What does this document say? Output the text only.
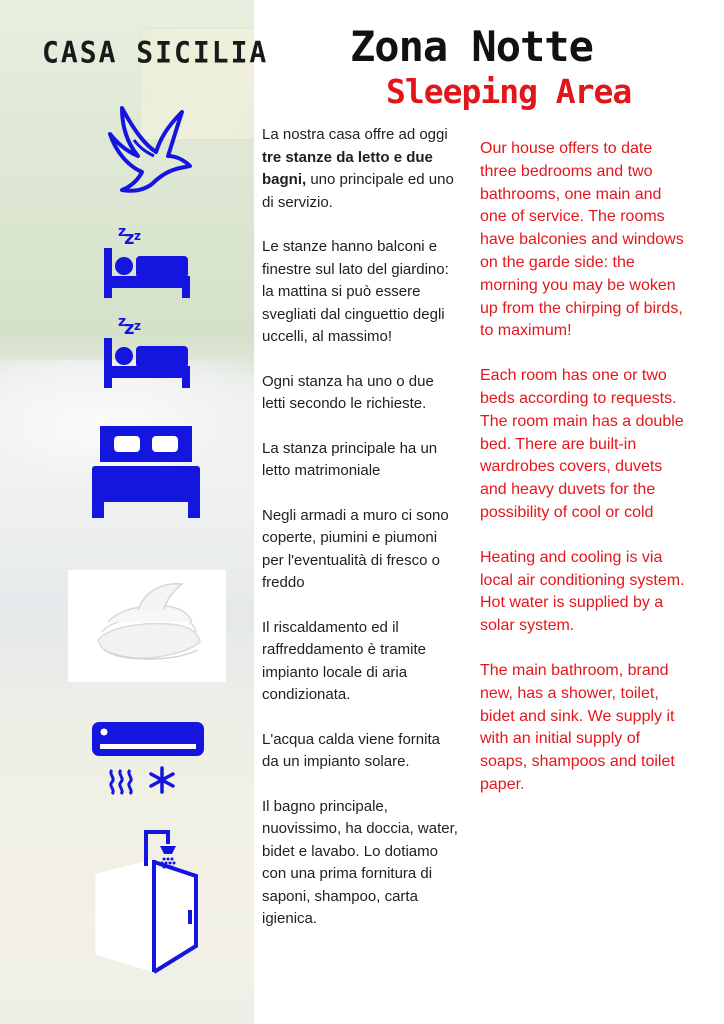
CASA SICILIA Zona Notte
Sleeping Area
z
z z
z
z z

La nostra casa offre ad oggi tre stanze da letto e due bagni, uno principale ed uno di servizio.

Le stanze hanno balconi e finestre sul lato del giardino: la mattina si può essere svegliati dal cinguettio degli uccelli, al massimo!

Ogni stanza ha uno o due letti secondo le richieste.

La stanza principale ha un letto matrimoniale

Negli armadi a muro ci sono coperte, piumini e piumoni per l'eventualità di fresco o freddo

Il riscaldamento ed il raffreddamento è tramite impianto locale di aria condizionata.

L'acqua calda viene fornita da un impianto solare.

Il bagno principale, nuovissimo, ha doccia, water, bidet e lavabo. Lo dotiamo con una prima fornitura di saponi, shampoo, carta igienica.

Our house offers to date three bedrooms and two bathrooms, one main and one of service. The rooms have balconies and windows on the garde side: the morning you may be woken up from the chirping of birds, to maximum!

Each room has one or two beds according to requests. The room main has a double bed. There are built-in wardrobes covers, duvets and heavy duvets for the possibility of cool or cold

Heating and cooling is via local air conditioning system. Hot water is supplied by a solar system.

The main bathroom, brand new, has a shower, toilet, bidet and sink. We supply it with an initial supply of soaps, shampoos and toilet paper.
